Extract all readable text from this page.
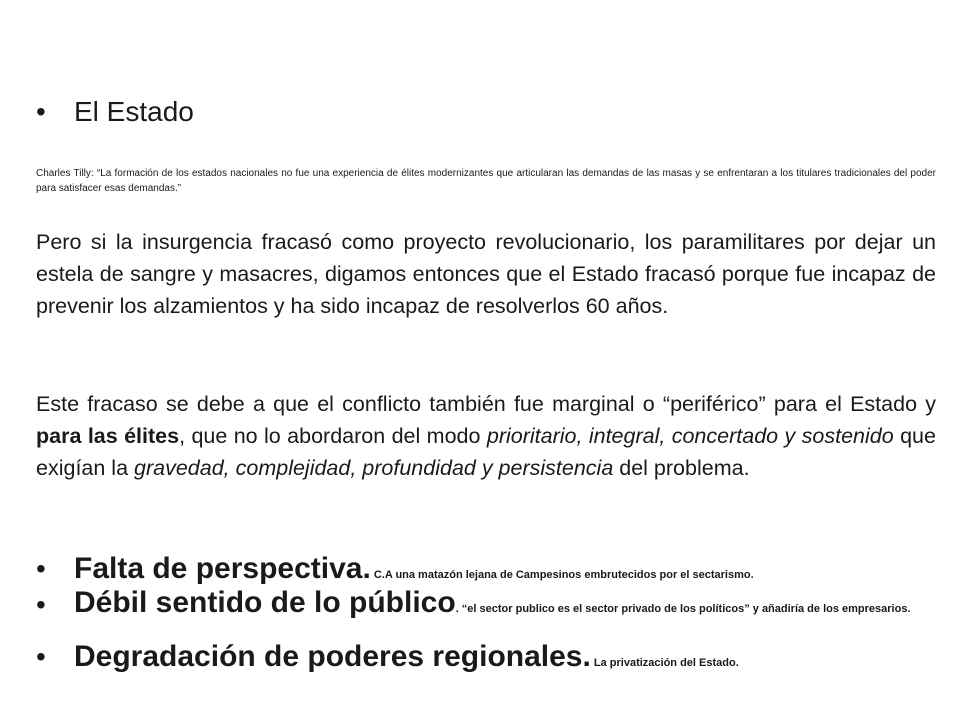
• El Estado
Charles Tilly: “La formación de los estados nacionales no fue una experiencia de élites modernizantes que articularan las demandas de las masas y se enfrentaran a los titulares tradicionales del poder para satisfacer esas demandas.”
Pero si la insurgencia fracasó como proyecto revolucionario, los paramilitares por dejar un estela de sangre y masacres, digamos entonces que el Estado fracasó porque fue incapaz de prevenir los alzamientos y ha sido incapaz de resolverlos 60 años.
Este fracaso se debe a que el conflicto también fue marginal o “periférico” para el Estado y para las élites, que no lo abordaron del modo prioritario, integral, concertado y sostenido que exigían la gravedad, complejidad, profundidad y persistencia del problema.
• Falta de perspectiva. C.A una matazón lejana de Campesinos embrutecidos por el sectarismo.
• Débil sentido de lo público. “el sector publico es el sector privado de los políticos” y añadiría de los empresarios.
• Degradación de poderes regionales. La privatización del Estado.
